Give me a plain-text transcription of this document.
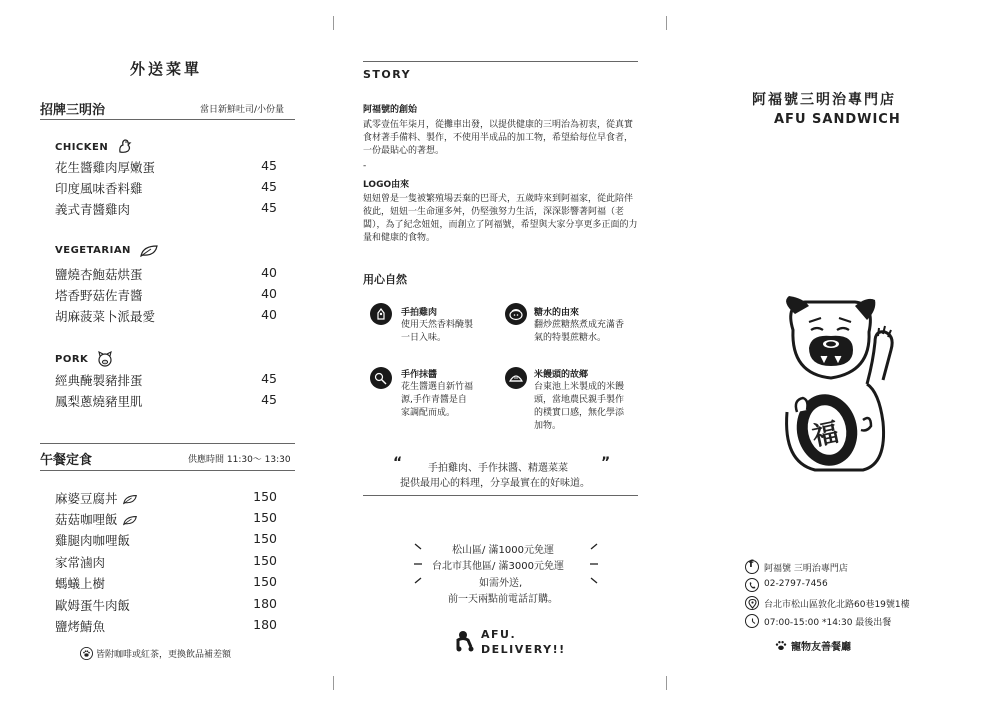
外送菜單
招牌三明治	當日新鮮吐司/小份量
CHICKEN
花生醬雞肉厚嫩蛋	45
印度風味香料雞	45
義式青醬雞肉	45
VEGETARIAN
鹽燒杏鮑菇烘蛋	40
塔香野菇佐青醬	40
胡麻菠菜卜派最愛	40
PORK
經典醃製豬排蛋	45
鳳梨蔥燒豬里肌	45
午餐定食	供應時間 11:30〜 13:30
麻婆豆腐丼	150
菇菇咖哩飯	150
雞腿肉咖哩飯	150
家常滷肉	150
螞蟻上樹	150
歐姆蛋牛肉飯	180
鹽烤鯖魚	180
皆附咖啡或紅茶，更換飲品補差額
STORY
阿福號的創始
貳零壹伍年柒月，從攤車出發，以提供健康的三明治為初衷，從真實食材著手備料、製作，不使用半成品的加工物，希望給每位早食者，一份最貼心的著想。
-
LOGO由來
妞妞曾是一隻被繁殖場丟棄的巴哥犬，五歲時來到阿福家，從此陪伴彼此，妞妞一生命運多舛，仍堅強努力生活，深深影響著阿福（老闆），為了紀念妞妞，而創立了阿福號，希望與大家分享更多正面的力量和健康的食物。
用心自然
手拍雞肉
使用天然香料醃製一日入味。
糖水的由來
翻炒蔗糖熬煮成充滿香氣的特製蔗糖水。
手作抹醬
花生醬選自新竹福源,手作青醬是自家調配而成。
米饅頭的故鄉
台東池上米製成的米饅頭，當地農民親手製作的樸實口感，無化學添加物。
“	手拍雞肉、手作抹醬、精選菜菜 ”
提供最用心的料理，分享最實在的好味道。
松山區/ 滿1000元免運
台北市其他區/ 滿3000元免運
如需外送,
前一天兩點前電話訂購。
AFU.
DELIVERY!!
阿福號三明治專門店
AFU SANDWICH
福
f 阿福號 三明治專門店
02-2797-7456
台北市松山區敦化北路60巷19號1樓
07:00-15:00 *14:30 最後出餐
寵物友善餐廳
